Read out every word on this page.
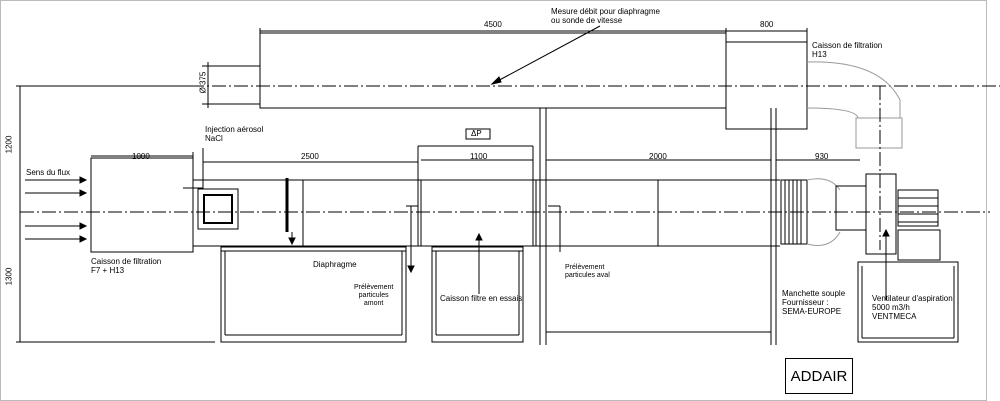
4500	800
Ø 375
1200
1300
1000	2500	1100	2000	930
ΔP
Mesure débit pour diaphragme
ou sonde de vitesse
Caisson de filtration
H13
Injection aérosol
NaCl
Sens du flux
Caisson de filtration
F7 + H13
Diaphragme
Prélèvement
particules
amont
Caisson filtre en essais
Prélèvement
particules aval
Manchette souple
Fournisseur :
SEMA-EUROPE
Ventilateur d'aspiration
5000 m3/h
VENTMECA
ADDAIR
